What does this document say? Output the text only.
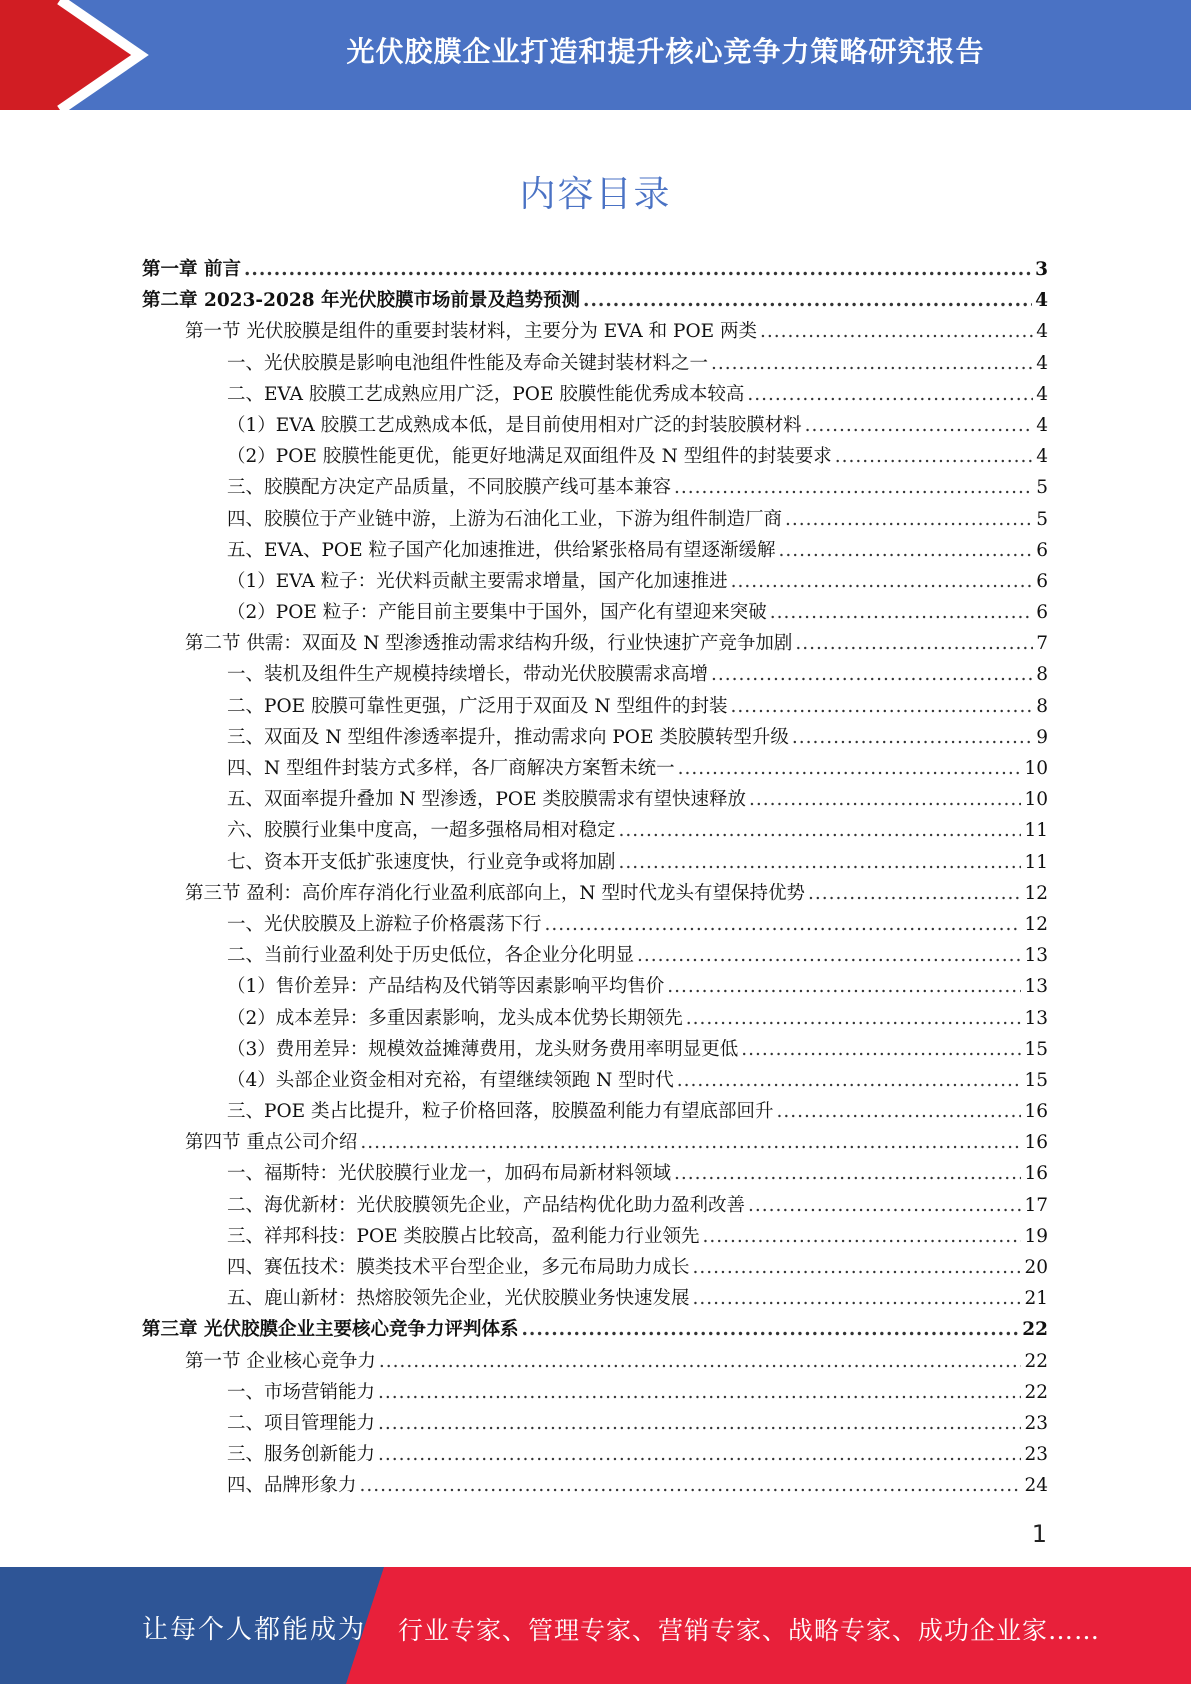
光伏胶膜企业打造和提升核心竞争力策略研究报告
内容目录
第一章 前言 .....	3
第二章 2023-2028 年光伏胶膜市场前景及趋势预测 .....	4
第一节 光伏胶膜是组件的重要封装材料，主要分为 EVA 和 POE 两类 .....	4
一、光伏胶膜是影响电池组件性能及寿命关键封装材料之一 .....	4
二、EVA 胶膜工艺成熟应用广泛，POE 胶膜性能优秀成本较高 .....	4
（1）EVA 胶膜工艺成熟成本低，是目前使用相对广泛的封装胶膜材料 .....	4
（2）POE 胶膜性能更优，能更好地满足双面组件及 N 型组件的封装要求 .....	4
三、胶膜配方决定产品质量，不同胶膜产线可基本兼容 .....	5
四、胶膜位于产业链中游，上游为石油化工业，下游为组件制造厂商 .....	5
五、EVA、POE 粒子国产化加速推进，供给紧张格局有望逐渐缓解 .....	6
（1）EVA 粒子：光伏料贡献主要需求增量，国产化加速推进 .....	6
（2）POE 粒子：产能目前主要集中于国外，国产化有望迎来突破 .....	6
第二节 供需：双面及 N 型渗透推动需求结构升级，行业快速扩产竞争加剧 .....	7
一、装机及组件生产规模持续增长，带动光伏胶膜需求高增 .....	8
二、POE 胶膜可靠性更强，广泛用于双面及 N 型组件的封装 .....	8
三、双面及 N 型组件渗透率提升，推动需求向 POE 类胶膜转型升级 .....	9
四、N 型组件封装方式多样，各厂商解决方案暂未统一 .....	10
五、双面率提升叠加 N 型渗透，POE 类胶膜需求有望快速释放 .....	10
六、胶膜行业集中度高，一超多强格局相对稳定 .....	11
七、资本开支低扩张速度快，行业竞争或将加剧 .....	11
第三节 盈利：高价库存消化行业盈利底部向上，N 型时代龙头有望保持优势 .....	12
一、光伏胶膜及上游粒子价格震荡下行 .....	12
二、当前行业盈利处于历史低位，各企业分化明显 .....	13
（1）售价差异：产品结构及代销等因素影响平均售价 .....	13
（2）成本差异：多重因素影响，龙头成本优势长期领先 .....	13
（3）费用差异：规模效益摊薄费用，龙头财务费用率明显更低 .....	15
（4）头部企业资金相对充裕，有望继续领跑 N 型时代 .....	15
三、POE 类占比提升，粒子价格回落，胶膜盈利能力有望底部回升 .....	16
第四节 重点公司介绍 .....	16
一、福斯特：光伏胶膜行业龙一，加码布局新材料领域 .....	16
二、海优新材：光伏胶膜领先企业，产品结构优化助力盈利改善 .....	17
三、祥邦科技：POE 类胶膜占比较高，盈利能力行业领先 .....	19
四、赛伍技术：膜类技术平台型企业，多元布局助力成长 .....	20
五、鹿山新材：热熔胶领先企业，光伏胶膜业务快速发展 .....	21
第三章 光伏胶膜企业主要核心竞争力评判体系 .....	22
第一节 企业核心竞争力 .....	22
一、市场营销能力 .....	22
二、项目管理能力 .....	23
三、服务创新能力 .....	23
四、品牌形象力 .....	24
1
让每个人都能成为 行业专家、管理专家、营销专家、战略专家、成功企业家……
